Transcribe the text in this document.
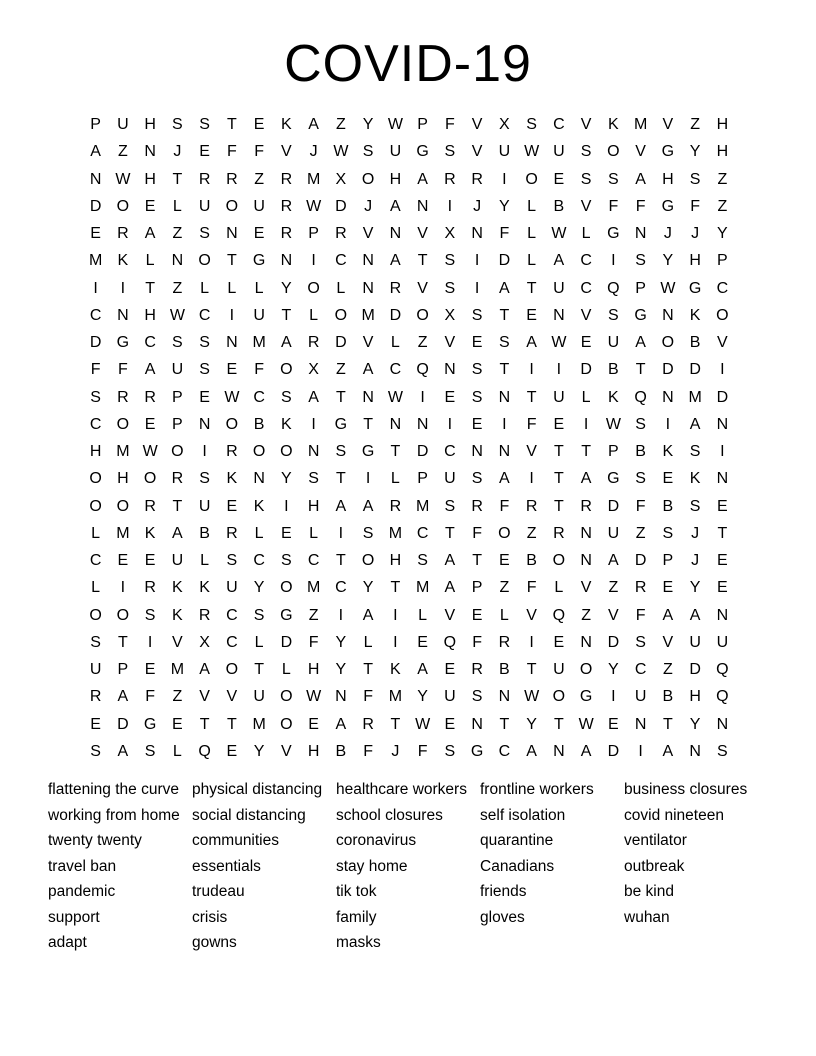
COVID-19
P	U H	S	S	T	E	K	A	Z	Y W P	F	V	X	S	C	V	K M V	Z	H
A	Z	N	J	E	F	F	V	J W S	U G S	V	U W U	S O V G Y	H
N W H	T	R R	Z	R M X O H	A	R R	I	O E	S	S	A	H	S	Z
D O E	L	U O U R W D	J	A	N	I	J	Y	L	B	V	F	F	G	F	Z
E	R	A	Z	S	N	E	R	P	R	V	N	V	X	N	F	L W L	G N	J	J	Y
M K	L	N O	T	G N	I	C N	A	T	S	I	D	L	A	C	I	S	Y	H	P
I	I	T	Z	L	L	L	Y O	L	N R	V	S	I	A	T	U C Q P W G C
C N H W C	I	U	T	L	O M D O X	S	T	E	N	V	S G N	K O
D G C	S	S	N M A	R D	V	L	Z	V	E	S	A W E	U	A O B	V
F	F	A	U	S	E	F	O X	Z	A	C Q N	S	T	I	I	D	B	T	D D	I
S	R R	P	E W C	S	A	T	N W	I	E	S	N	T	U	L	K Q N M D
C O E	P	N O B	K	I	G	T	N N	I	E	I	F	E	I	W S	I	A	N
H M W O	I	R O O N	S G	T	D C N N	V	T	T	P	B	K	S	I
O H O R	S	K	N	Y	S	T	I	L	P	U	S	A	I	T	A G S	E	K	N
O O R	T	U	E	K	I	H	A	A	R M S	R	F	R	T	R D	F	B	S	E
L	M K	A	B	R	L	E	L	I	S M C	T	F	O	Z	R N U	Z	S	J	T
C	E	E	U	L	S	C	S	C	T	O H	S	A	T	E	B O N	A	D	P	J	E
L	I	R	K	K	U	Y O M C	Y	T M A	P	Z	F	L	V	Z	R	E	Y	E
O O S	K	R C	S G	Z	I	A	I	L	V	E	L	V Q	Z	V	F	A	A	N
S	T	I	V	X	C	L	D	F	Y	L	I	E Q	F	R	I	E	N D	S	V	U U
U	P	E M A O	T	L	H	Y	T	K	A	E	R	B	T	U O Y	C	Z	D Q
R	A	F	Z	V	V	U O W N	F M Y	U	S	N W O G	I	U	B	H Q
E	D G E	T	T M O E	A	R	T W E	N	T	Y	T W E	N	T	Y	N
S	A	S	L	Q E	Y	V	H	B	F	J	F	S G C	A	N	A	D	I	A	N	S
flattening the curve
working from home
twenty twenty
travel ban
pandemic
support
adapt
physical distancing
social distancing
communities
essentials
trudeau
crisis
gowns
healthcare workers
school closures
coronavirus
stay home
tik tok
family
masks
frontline workers
self isolation
quarantine
Canadians
friends
gloves
business closures
covid nineteen
ventilator
outbreak
be kind
wuhan
